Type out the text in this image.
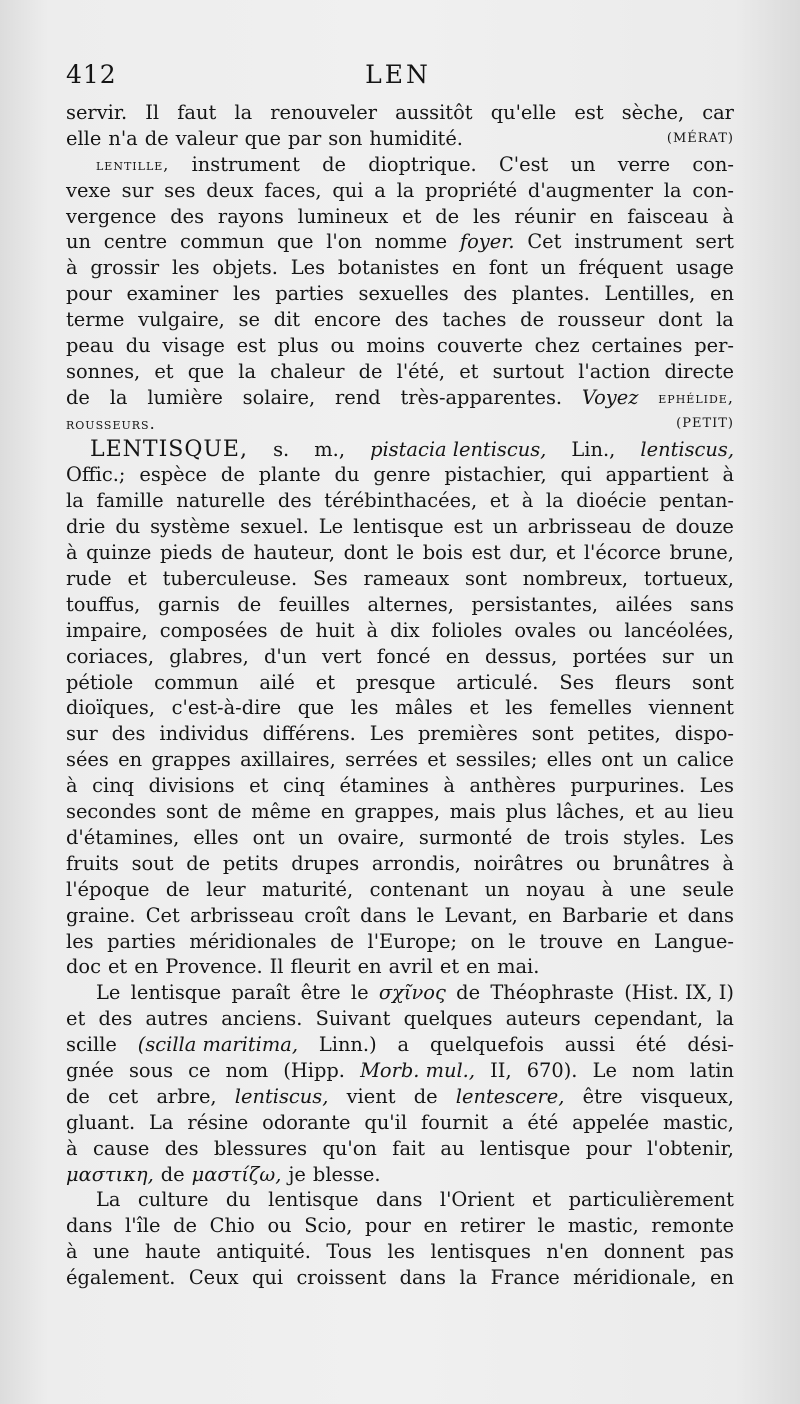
412	LEN
servir. Il faut la renouveler aussitôt qu'elle est sèche, car
elle n'a de valeur que par son humidité.	(MÉRAT)
lentille, instrument de dioptrique. C'est un verre con-
vexe sur ses deux faces, qui a la propriété d'augmenter la con-
vergence des rayons lumineux et de les réunir en faisceau à
un centre commun que l'on nomme foyer. Cet instrument sert
à grossir les objets. Les botanistes en font un fréquent usage
pour examiner les parties sexuelles des plantes. Lentilles, en
terme vulgaire, se dit encore des taches de rousseur dont la
peau du visage est plus ou moins couverte chez certaines per-
sonnes, et que la chaleur de l'été, et surtout l'action directe
de la lumière solaire, rend très-apparentes. Voyez ephélide,
rousseurs.	(PETIT)
LENTISQUE, s. m., pistacia lentiscus, Lin., lentiscus,
Offic.; espèce de plante du genre pistachier, qui appartient à
la famille naturelle des térébinthacées, et à la dioécie pentan-
drie du système sexuel. Le lentisque est un arbrisseau de douze
à quinze pieds de hauteur, dont le bois est dur, et l'écorce brune,
rude et tuberculeuse. Ses rameaux sont nombreux, tortueux,
touffus, garnis de feuilles alternes, persistantes, ailées sans
impaire, composées de huit à dix folioles ovales ou lancéolées,
coriaces, glabres, d'un vert foncé en dessus, portées sur un
pétiole commun ailé et presque articulé. Ses fleurs sont
dioïques, c'est-à-dire que les mâles et les femelles viennent
sur des individus différens. Les premières sont petites, dispo-
sées en grappes axillaires, serrées et sessiles; elles ont un calice
à cinq divisions et cinq étamines à anthères purpurines. Les
secondes sont de même en grappes, mais plus lâches, et au lieu
d'étamines, elles ont un ovaire, surmonté de trois styles. Les
fruits sout de petits drupes arrondis, noirâtres ou brunâtres à
l'époque de leur maturité, contenant un noyau à une seule
graine. Cet arbrisseau croît dans le Levant, en Barbarie et dans
les parties méridionales de l'Europe; on le trouve en Langue-
doc et en Provence. Il fleurit en avril et en mai.
Le lentisque paraît être le σχῖνος de Théophraste (Hist. IX, I)
et des autres anciens. Suivant quelques auteurs cependant, la
scille (scilla maritima, Linn.) a quelquefois aussi été dési-
gnée sous ce nom (Hipp. Morb. mul., II, 670). Le nom latin
de cet arbre, lentiscus, vient de lentescere, être visqueux,
gluant. La résine odorante qu'il fournit a été appelée mastic,
à cause des blessures qu'on fait au lentisque pour l'obtenir,
μαστικη, de μαστίζω, je blesse.
La culture du lentisque dans l'Orient et particulièrement
dans l'île de Chio ou Scio, pour en retirer le mastic, remonte
à une haute antiquité. Tous les lentisques n'en donnent pas
également. Ceux qui croissent dans la France méridionale, en
